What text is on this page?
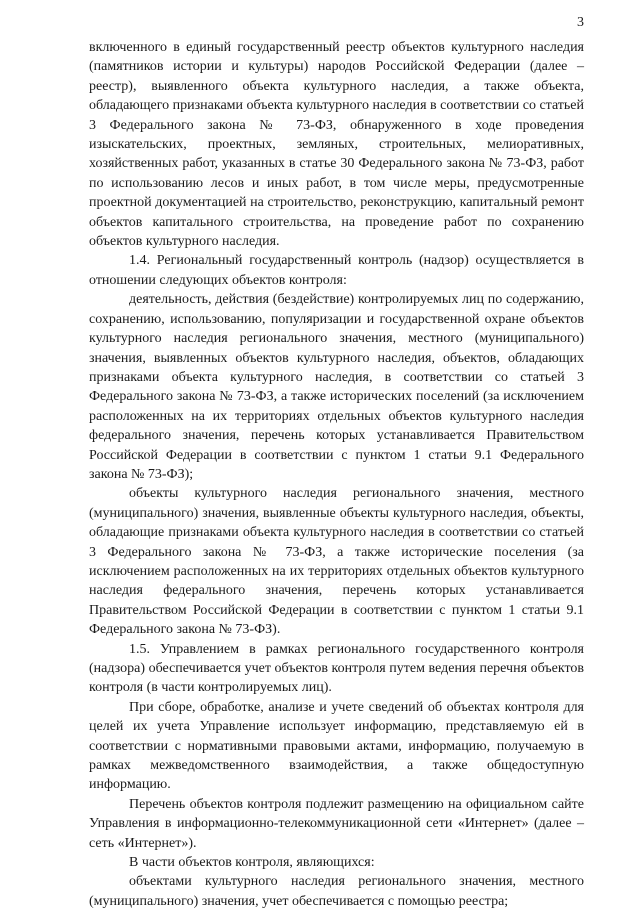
3

включенного в единый государственный реестр объектов культурного наследия (памятников истории и культуры) народов Российской Федерации (далее – реестр), выявленного объекта культурного наследия, а также объекта, обладающего признаками объекта культурного наследия в соответствии со статьей 3 Федерального закона № 73-ФЗ, обнаруженного в ходе проведения изыскательских, проектных, земляных, строительных, мелиоративных, хозяйственных работ, указанных в статье 30 Федерального закона № 73-ФЗ, работ по использованию лесов и иных работ, в том числе меры, предусмотренные проектной документацией на строительство, реконструкцию, капитальный ремонт объектов капитального строительства, на проведение работ по сохранению объектов культурного наследия.

1.4. Региональный государственный контроль (надзор) осуществляется в отношении следующих объектов контроля:

деятельность, действия (бездействие) контролируемых лиц по содержанию, сохранению, использованию, популяризации и государственной охране объектов культурного наследия регионального значения, местного (муниципального) значения, выявленных объектов культурного наследия, объектов, обладающих признаками объекта культурного наследия, в соответствии со статьей 3 Федерального закона № 73-ФЗ, а также исторических поселений (за исключением расположенных на их территориях отдельных объектов культурного наследия федерального значения, перечень которых устанавливается Правительством Российской Федерации в соответствии с пунктом 1 статьи 9.1 Федерального закона № 73-ФЗ);

объекты культурного наследия регионального значения, местного (муниципального) значения, выявленные объекты культурного наследия, объекты, обладающие признаками объекта культурного наследия в соответствии со статьей 3 Федерального закона № 73-ФЗ, а также исторические поселения (за исключением расположенных на их территориях отдельных объектов культурного наследия федерального значения, перечень которых устанавливается Правительством Российской Федерации в соответствии с пунктом 1 статьи 9.1 Федерального закона № 73-ФЗ).

1.5. Управлением в рамках регионального государственного контроля (надзора) обеспечивается учет объектов контроля путем ведения перечня объектов контроля (в части контролируемых лиц).

При сборе, обработке, анализе и учете сведений об объектах контроля для целей их учета Управление использует информацию, представляемую ей в соответствии с нормативными правовыми актами, информацию, получаемую в рамках межведомственного взаимодействия, а также общедоступную информацию.

Перечень объектов контроля подлежит размещению на официальном сайте Управления в информационно-телекоммуникационной сети «Интернет» (далее – сеть «Интернет»).

В части объектов контроля, являющихся:

объектами культурного наследия регионального значения, местного (муниципального) значения, учет обеспечивается с помощью реестра;
